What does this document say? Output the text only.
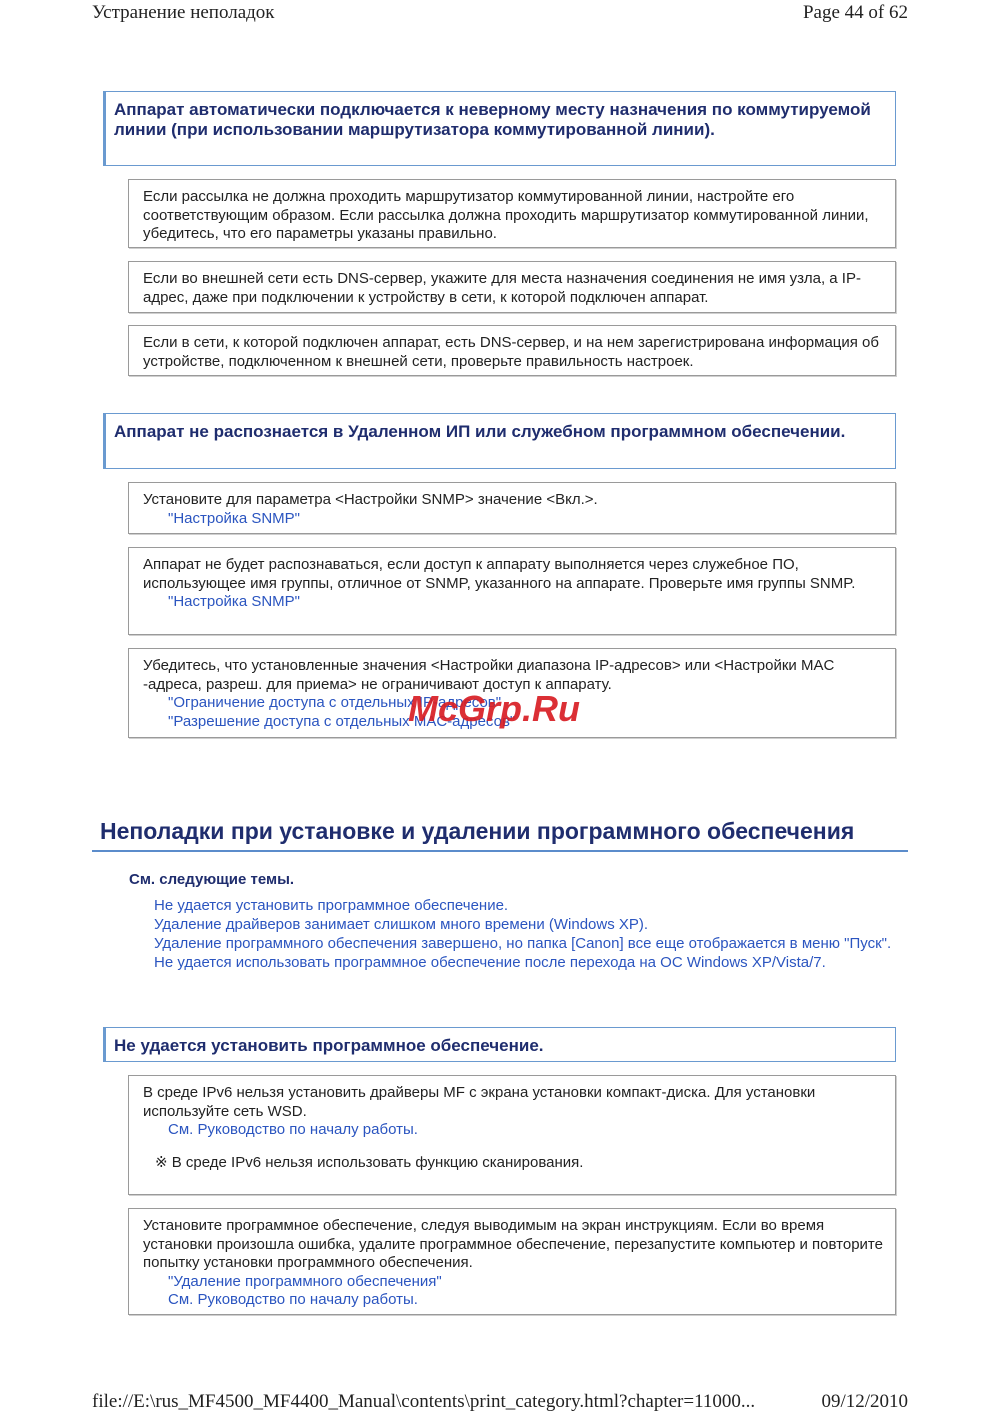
Устранение неполадок	Page 44 of 62
Аппарат автоматически подключается к неверному месту назначения по коммутируемой линии (при использовании маршрутизатора коммутированной линии).
Если рассылка не должна проходить маршрутизатор коммутированной линии, настройте его соответствующим образом. Если рассылка должна проходить маршрутизатор коммутированной линии, убедитесь, что его параметры указаны правильно.
Если во внешней сети есть DNS-сервер, укажите для места назначения соединения не имя узла, а IP-адрес, даже при подключении к устройству в сети, к которой подключен аппарат.
Если в сети, к которой подключен аппарат, есть DNS-сервер, и на нем зарегистрирована информация об устройстве, подключенном к внешней сети, проверьте правильность настроек.
Аппарат не распознается в Удаленном ИП или служебном программном обеспечении.
Установите для параметра <Настройки SNMP> значение <Вкл.>.
"Настройка SNMP"
Аппарат не будет распознаваться, если доступ к аппарату выполняется через служебное ПО, использующее имя группы, отличное от SNMP, указанного на аппарате. Проверьте имя группы SNMP.
"Настройка SNMP"
Убедитесь, что установленные значения <Настройки диапазона IP-адресов> или <Настройки MAC -адреса, разреш. для приема> не ограничивают доступ к аппарату.
"Ограничение доступа с отдельных IP-адресов"
"Разрешение доступа с отдельных MAC-адресов"
McGrp.Ru
Неполадки при установке и удалении программного обеспечения
См. следующие темы.
Не удается установить программное обеспечение.
Удаление драйверов занимает слишком много времени (Windows XP).
Удаление программного обеспечения завершено, но папка [Canon] все еще отображается в меню "Пуск".
Не удается использовать программное обеспечение после перехода на ОС Windows XP/Vista/7.
Не удается установить программное обеспечение.
В среде IPv6 нельзя установить драйверы MF с экрана установки компакт-диска. Для установки используйте сеть WSD.
См. Руководство по началу работы.
※ В среде IPv6 нельзя использовать функцию сканирования.
Установите программное обеспечение, следуя выводимым на экран инструкциям. Если во время установки произошла ошибка, удалите программное обеспечение, перезапустите компьютер и повторите попытку установки программного обеспечения.
"Удаление программного обеспечения"
См. Руководство по началу работы.
file://E:\rus_MF4500_MF4400_Manual\contents\print_category.html?chapter=11000...	09/12/2010
